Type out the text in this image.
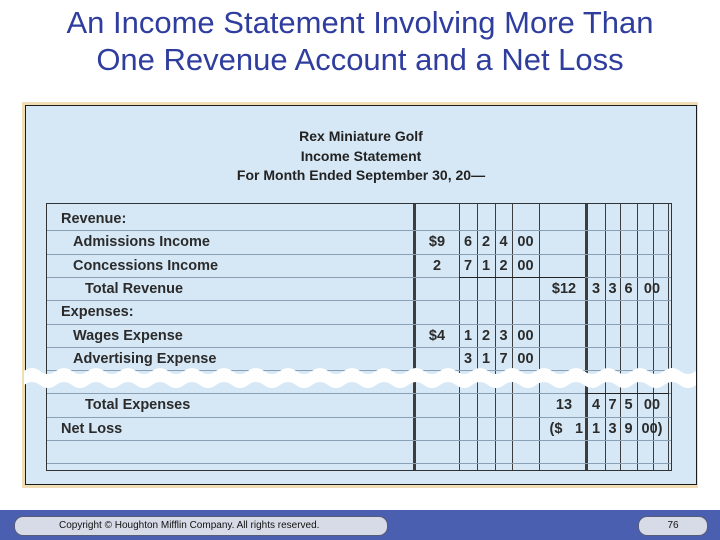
An Income Statement Involving More Than
One Revenue Account and a Net Loss
Rex Miniature Golf
Income Statement
For Month Ended September 30, 20—
Revenue:
Admissions Income	$9	6 2 4 00
Concessions Income	2	7 1 2 00
Total Revenue	$12	3 3 6 00
Expenses:
Wages Expense	$4	1 2 3 00
Advertising Expense	3 1 7 00
Total Expenses	13	4 7 5 00
Net Loss	($ 1 1 3 9 00)
Copyright © Houghton Mifflin Company. All rights reserved.	76
